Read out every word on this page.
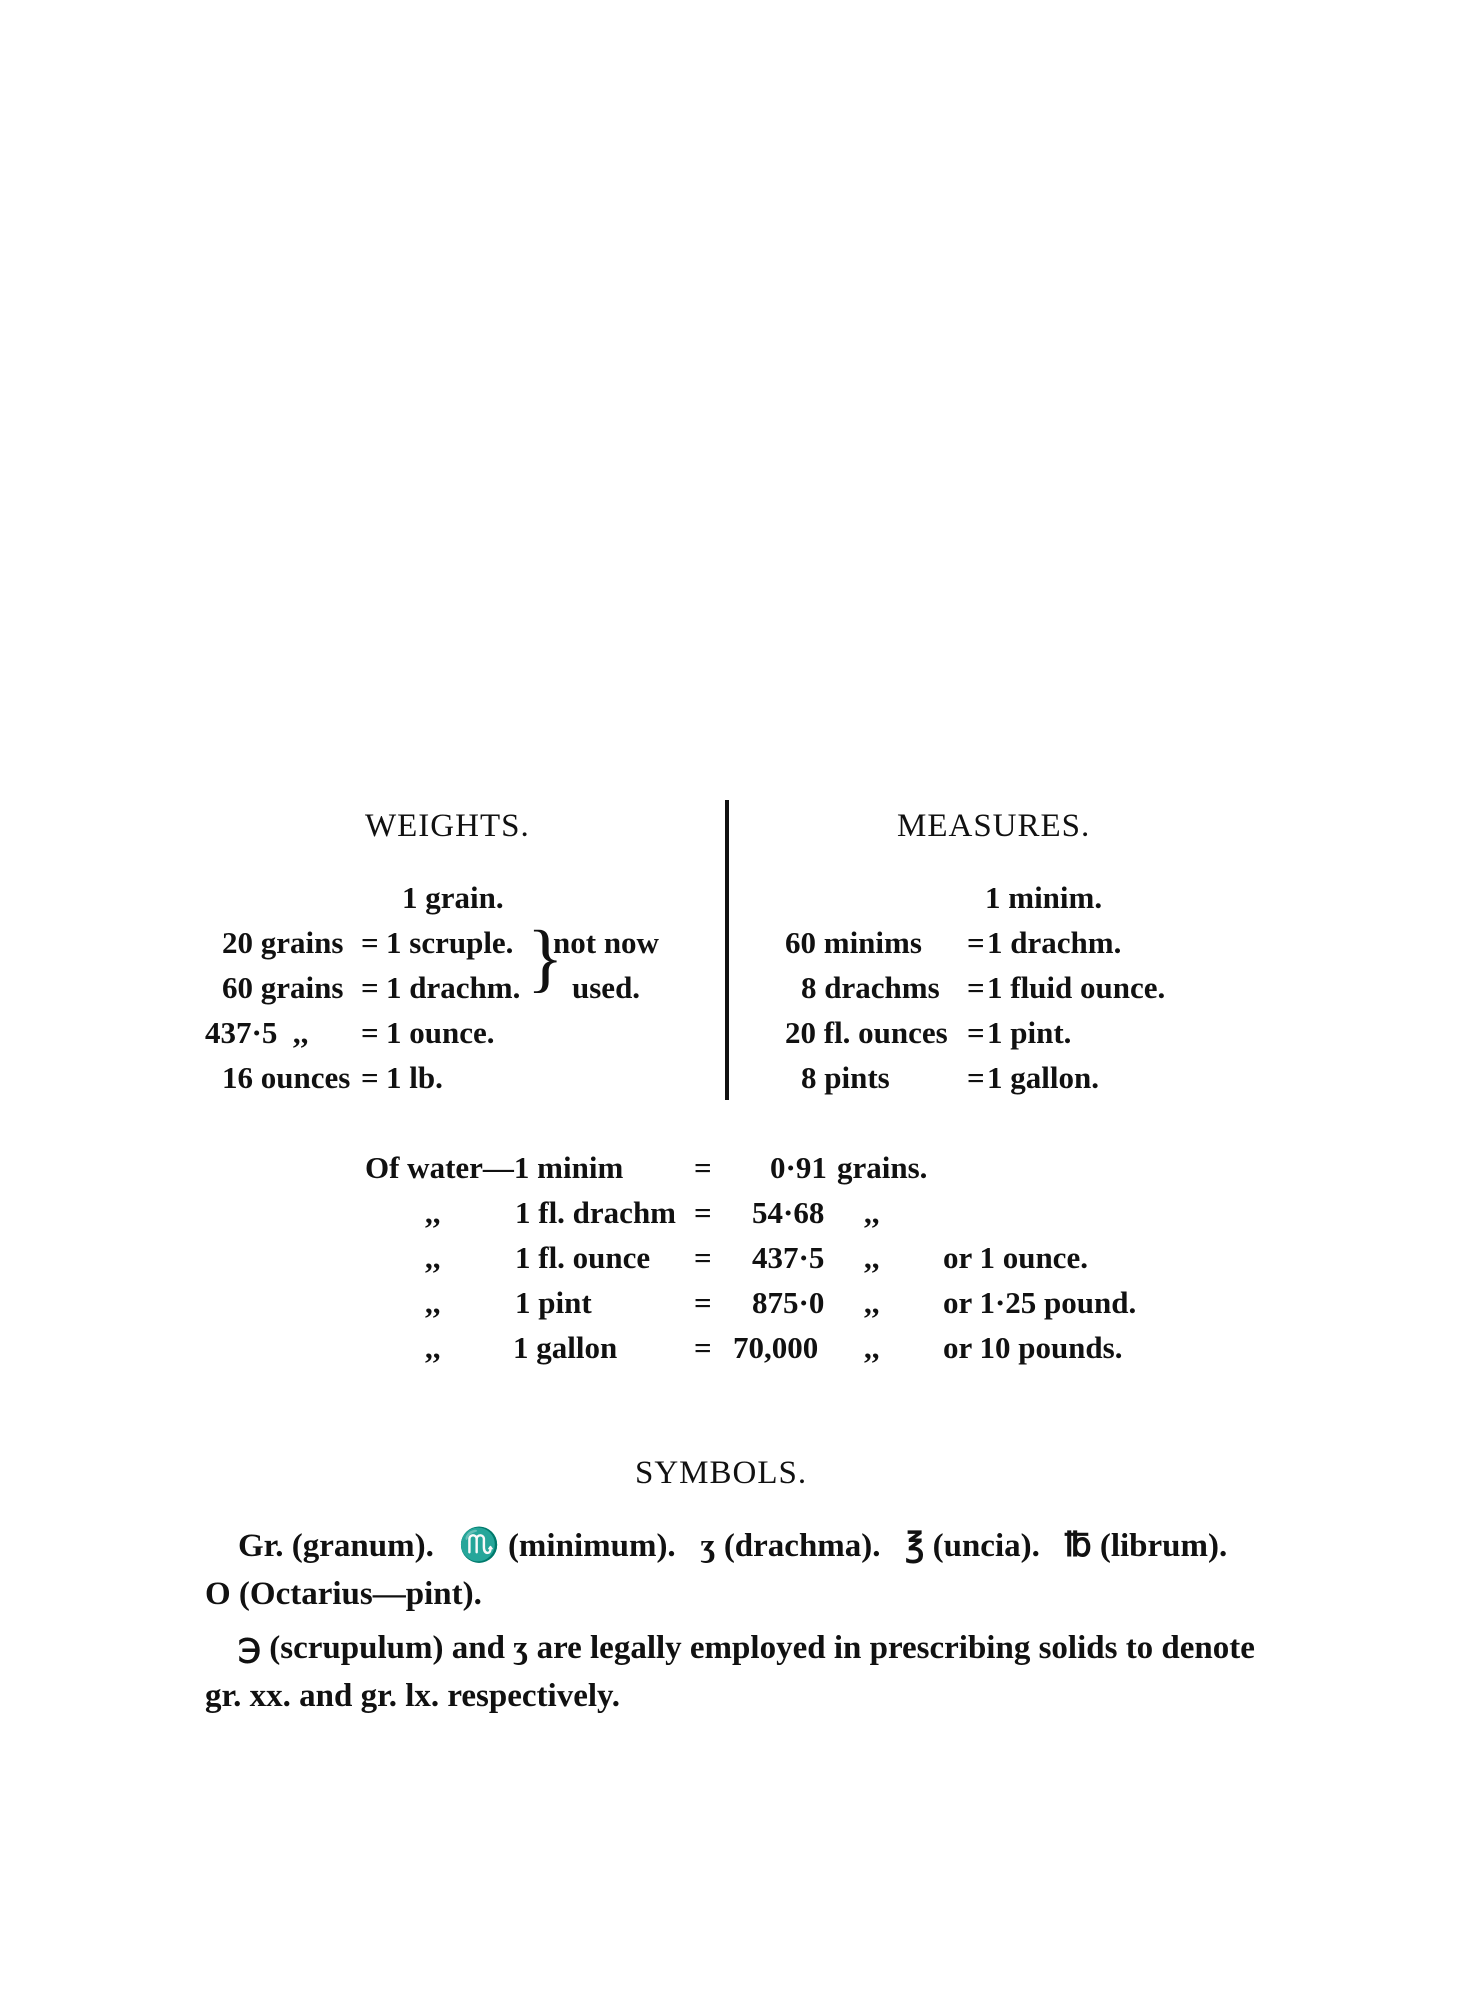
WEIGHTS.
1 grain.
20 grains = 1 scruple.
60 grains = 1 drachm. }
not now
used.
437·5  ,, = 1 ounce.
16 ounces = 1 lb.
MEASURES.
1 minim.
60 minims = 1 drachm.
8 drachms = 1 fluid ounce.
20 fl. ounces = 1 pint.
8 pints = 1 gallon.
Of water—1 minim = 0·91 grains.
,, 1 fl. drachm = 54·68 ,,
,, 1 fl. ounce = 437·5 ,, or 1 ounce.
,, 1 pint	= 875·0 ,, or 1·25 pound.
,, 1 gallon = 70,000 ,, or 10 pounds.
SYMBOLS.
Gr. (granum).   ♏ (minimum).   ʒ (drachma).   ℥ (uncia).   ℔ (librum).
O (Octarius—pint).
℈ (scrupulum) and ʒ are legally employed in prescribing solids to denote
gr. xx. and gr. lx. respectively.
